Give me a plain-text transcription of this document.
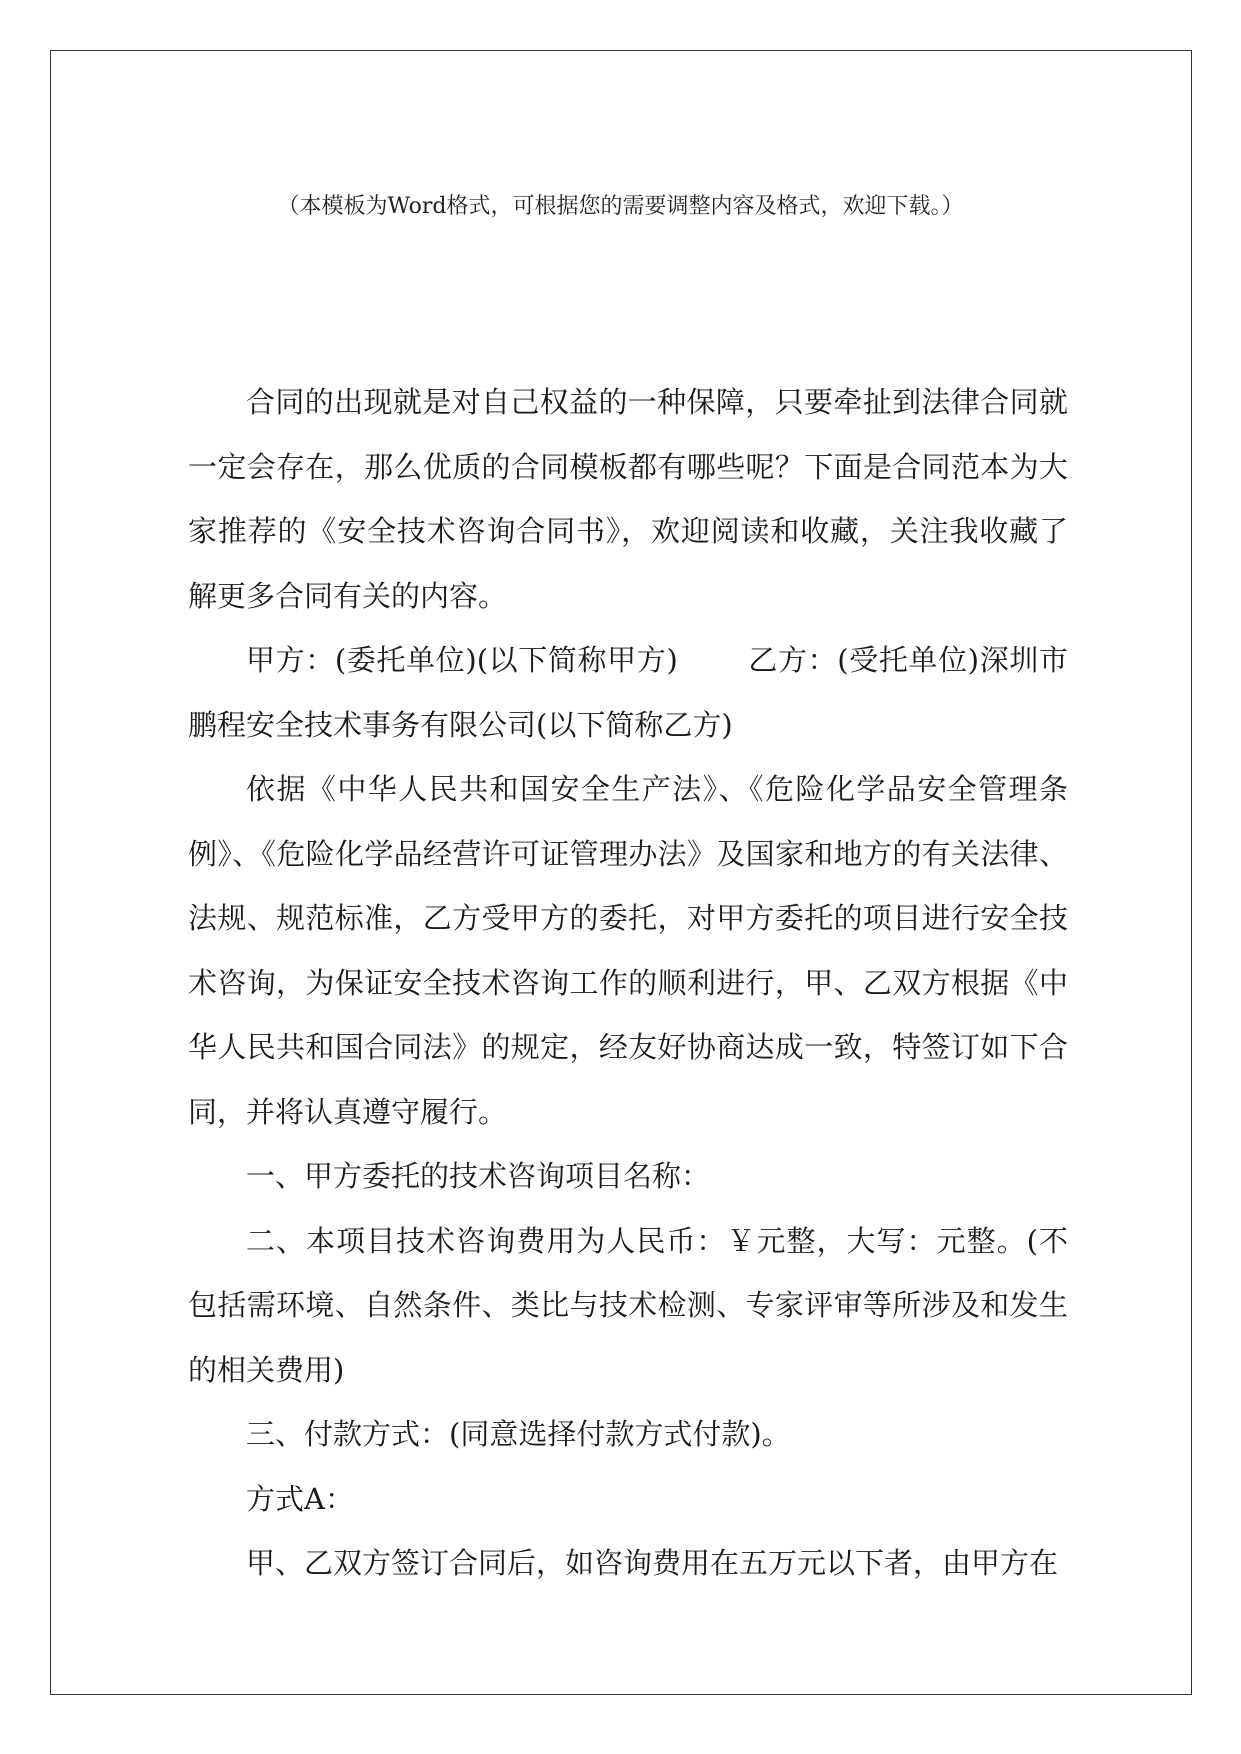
（本模板为Word格式，可根据您的需要调整内容及格式，欢迎下载。）

合同的出现就是对自己权益的一种保障，只要牵扯到法律合同就一定会存在，那么优质的合同模板都有哪些呢？下面是合同范本为大家推荐的《安全技术咨询合同书》，欢迎阅读和收藏，关注我收藏了解更多合同有关的内容。

甲方：(委托单位)(以下简称甲方) 乙方：(受托单位)深圳市鹏程安全技术事务有限公司(以下简称乙方)

依据《中华人民共和国安全生产法》、《危险化学品安全管理条例》、《危险化学品经营许可证管理办法》及国家和地方的有关法律、法规、规范标准，乙方受甲方的委托，对甲方委托的项目进行安全技术咨询，为保证安全技术咨询工作的顺利进行，甲、乙双方根据《中华人民共和国合同法》的规定，经友好协商达成一致，特签订如下合同，并将认真遵守履行。

一、甲方委托的技术咨询项目名称：

二、本项目技术咨询费用为人民币：￥元整，大写：元整。(不包括需环境、自然条件、类比与技术检测、专家评审等所涉及和发生的相关费用)

三、付款方式：(同意选择付款方式付款)。

方式A：

甲、乙双方签订合同后，如咨询费用在五万元以下者，由甲方在
